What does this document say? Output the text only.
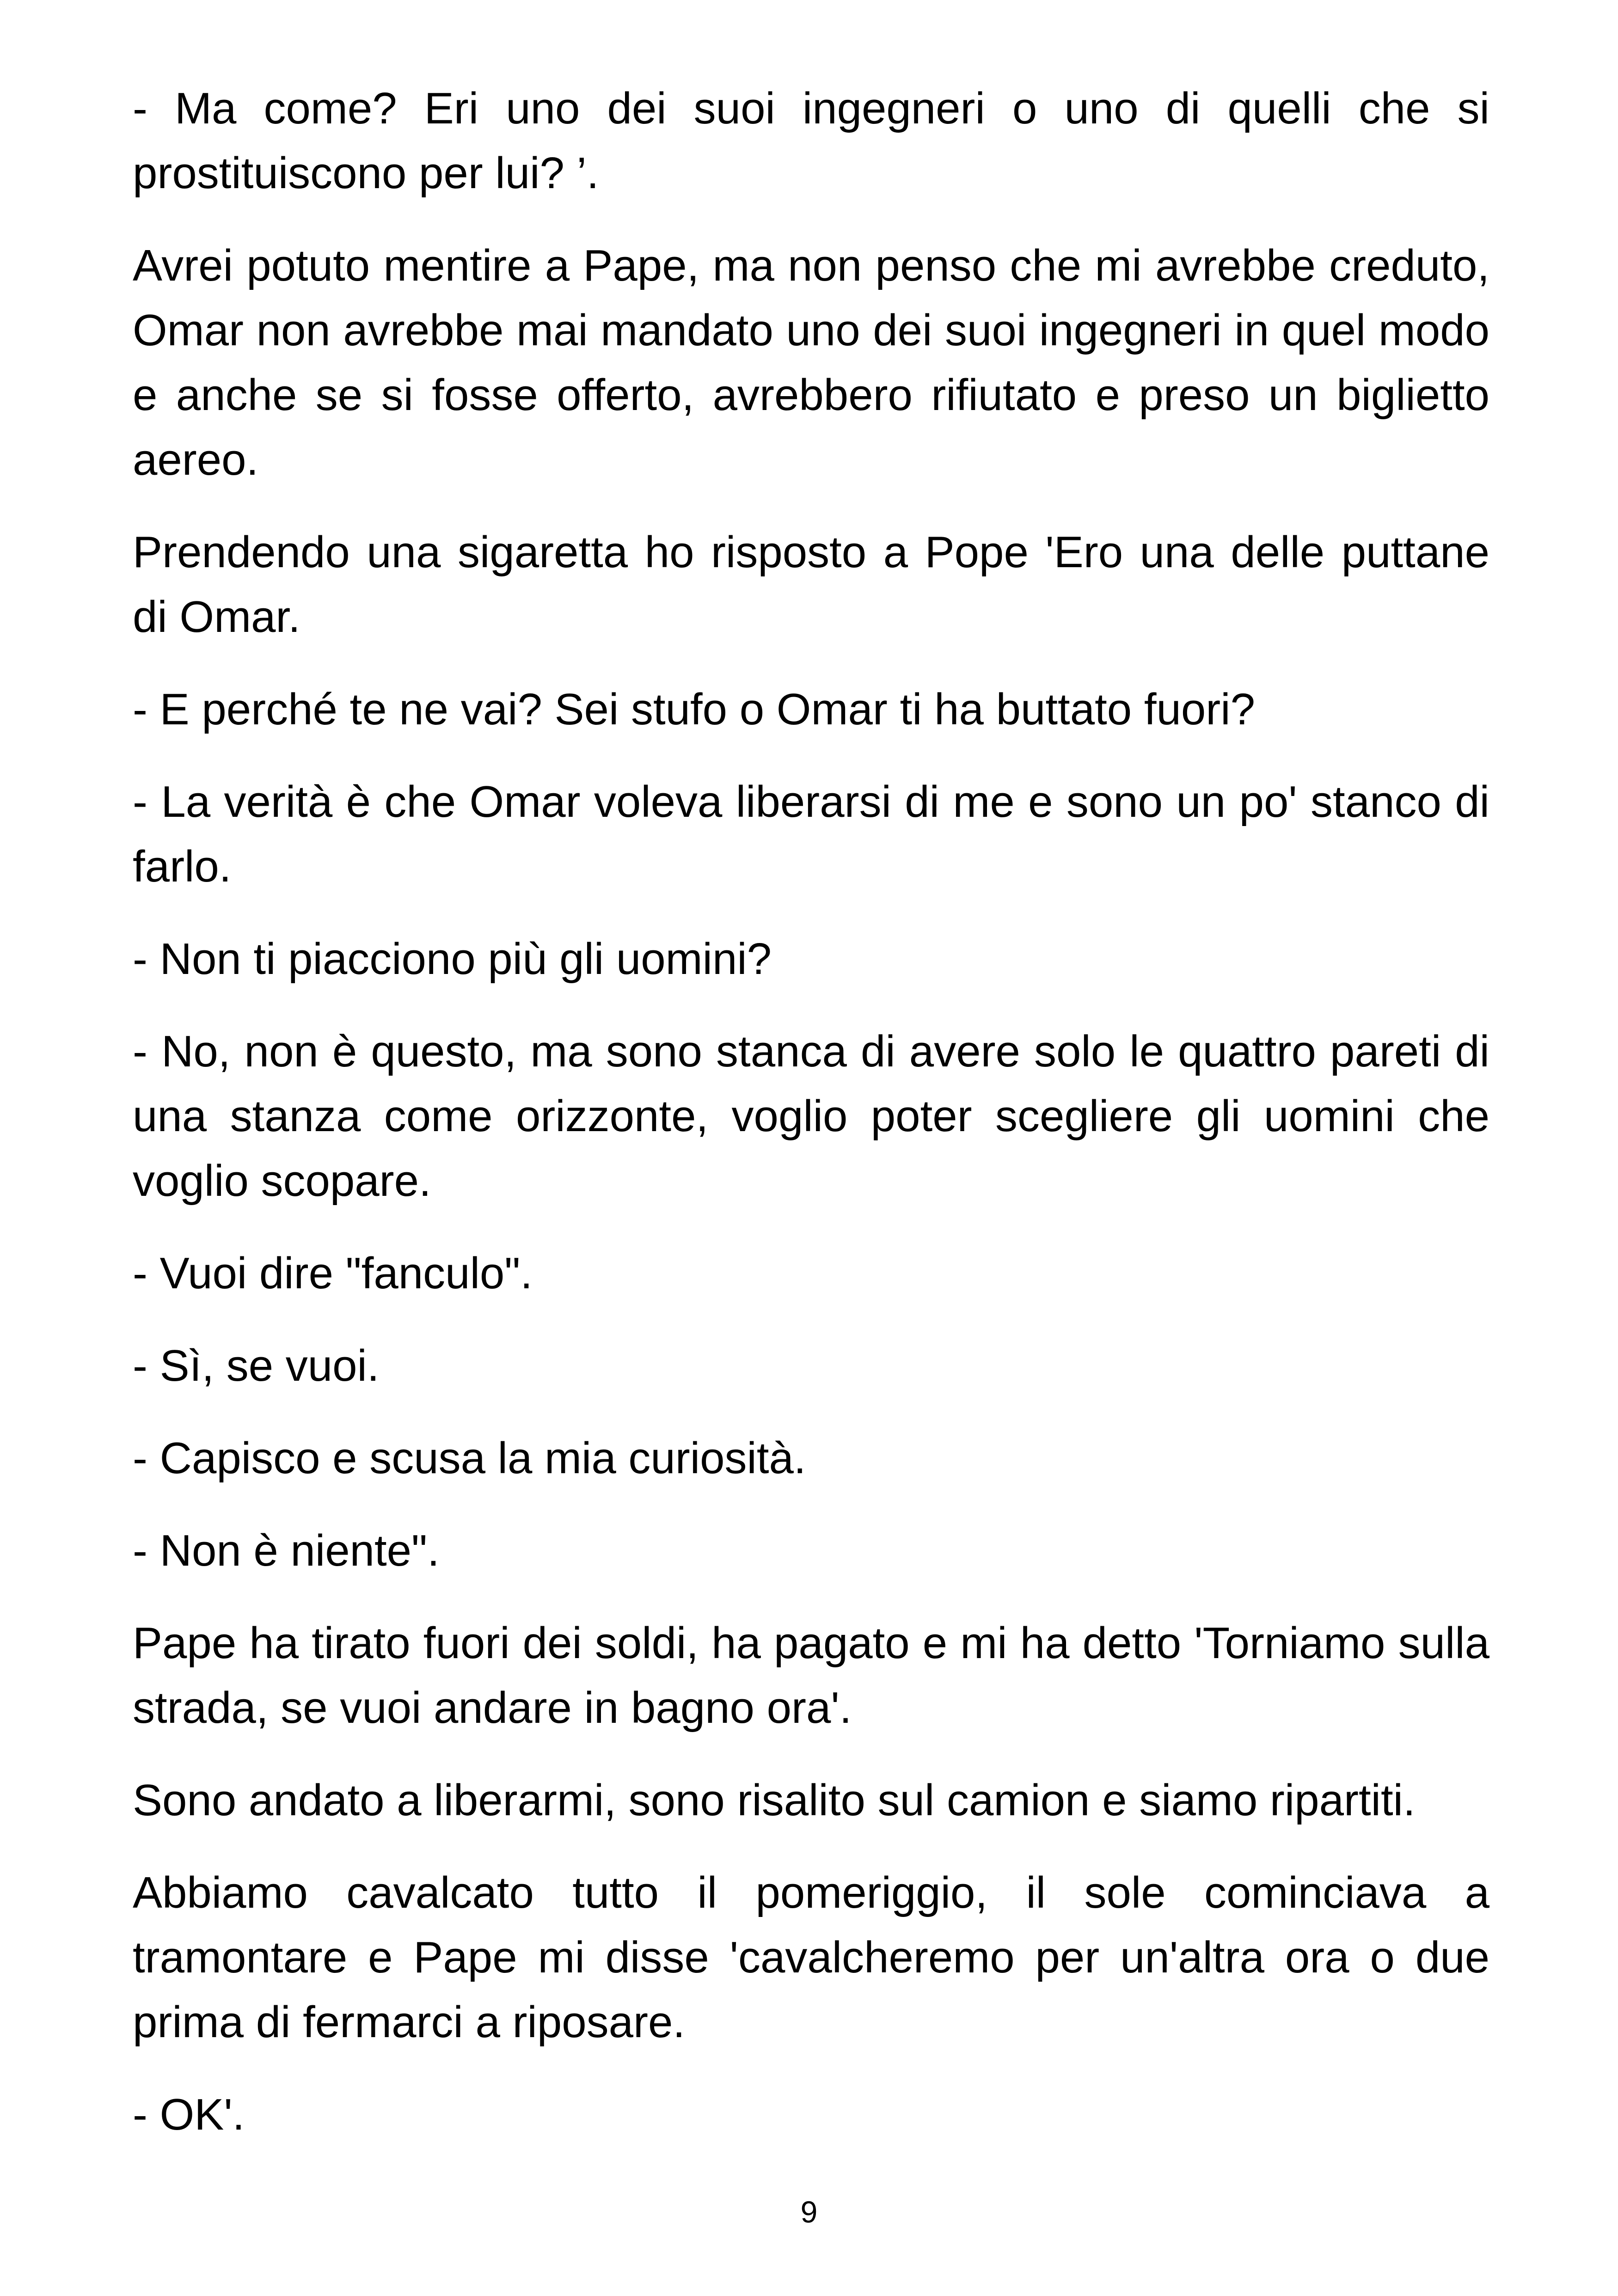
- Ma come? Eri uno dei suoi ingegneri o uno di quelli che si prostituiscono per lui? ’.

Avrei potuto mentire a Pape, ma non penso che mi avrebbe creduto, Omar non avrebbe mai mandato uno dei suoi ingegneri in quel modo e anche se si fosse offerto, avrebbero rifiutato e preso un biglietto aereo.

Prendendo una sigaretta ho risposto a Pope 'Ero una delle puttane di Omar.

- E perché te ne vai? Sei stufo o Omar ti ha buttato fuori?

- La verità è che Omar voleva liberarsi di me e sono un po' stanco di farlo.

- Non ti piacciono più gli uomini?

- No, non è questo, ma sono stanca di avere solo le quattro pareti di una stanza come orizzonte, voglio poter scegliere gli uomini che voglio scopare.

- Vuoi dire "fanculo".

- Sì, se vuoi.

- Capisco e scusa la mia curiosità.

- Non è niente".

Pape ha tirato fuori dei soldi, ha pagato e mi ha detto 'Torniamo sulla strada, se vuoi andare in bagno ora'.

Sono andato a liberarmi, sono risalito sul camion e siamo ripartiti.

Abbiamo cavalcato tutto il pomeriggio, il sole cominciava a tramontare e Pape mi disse 'cavalcheremo per un'altra ora o due prima di fermarci a riposare.

- OK'.

9
